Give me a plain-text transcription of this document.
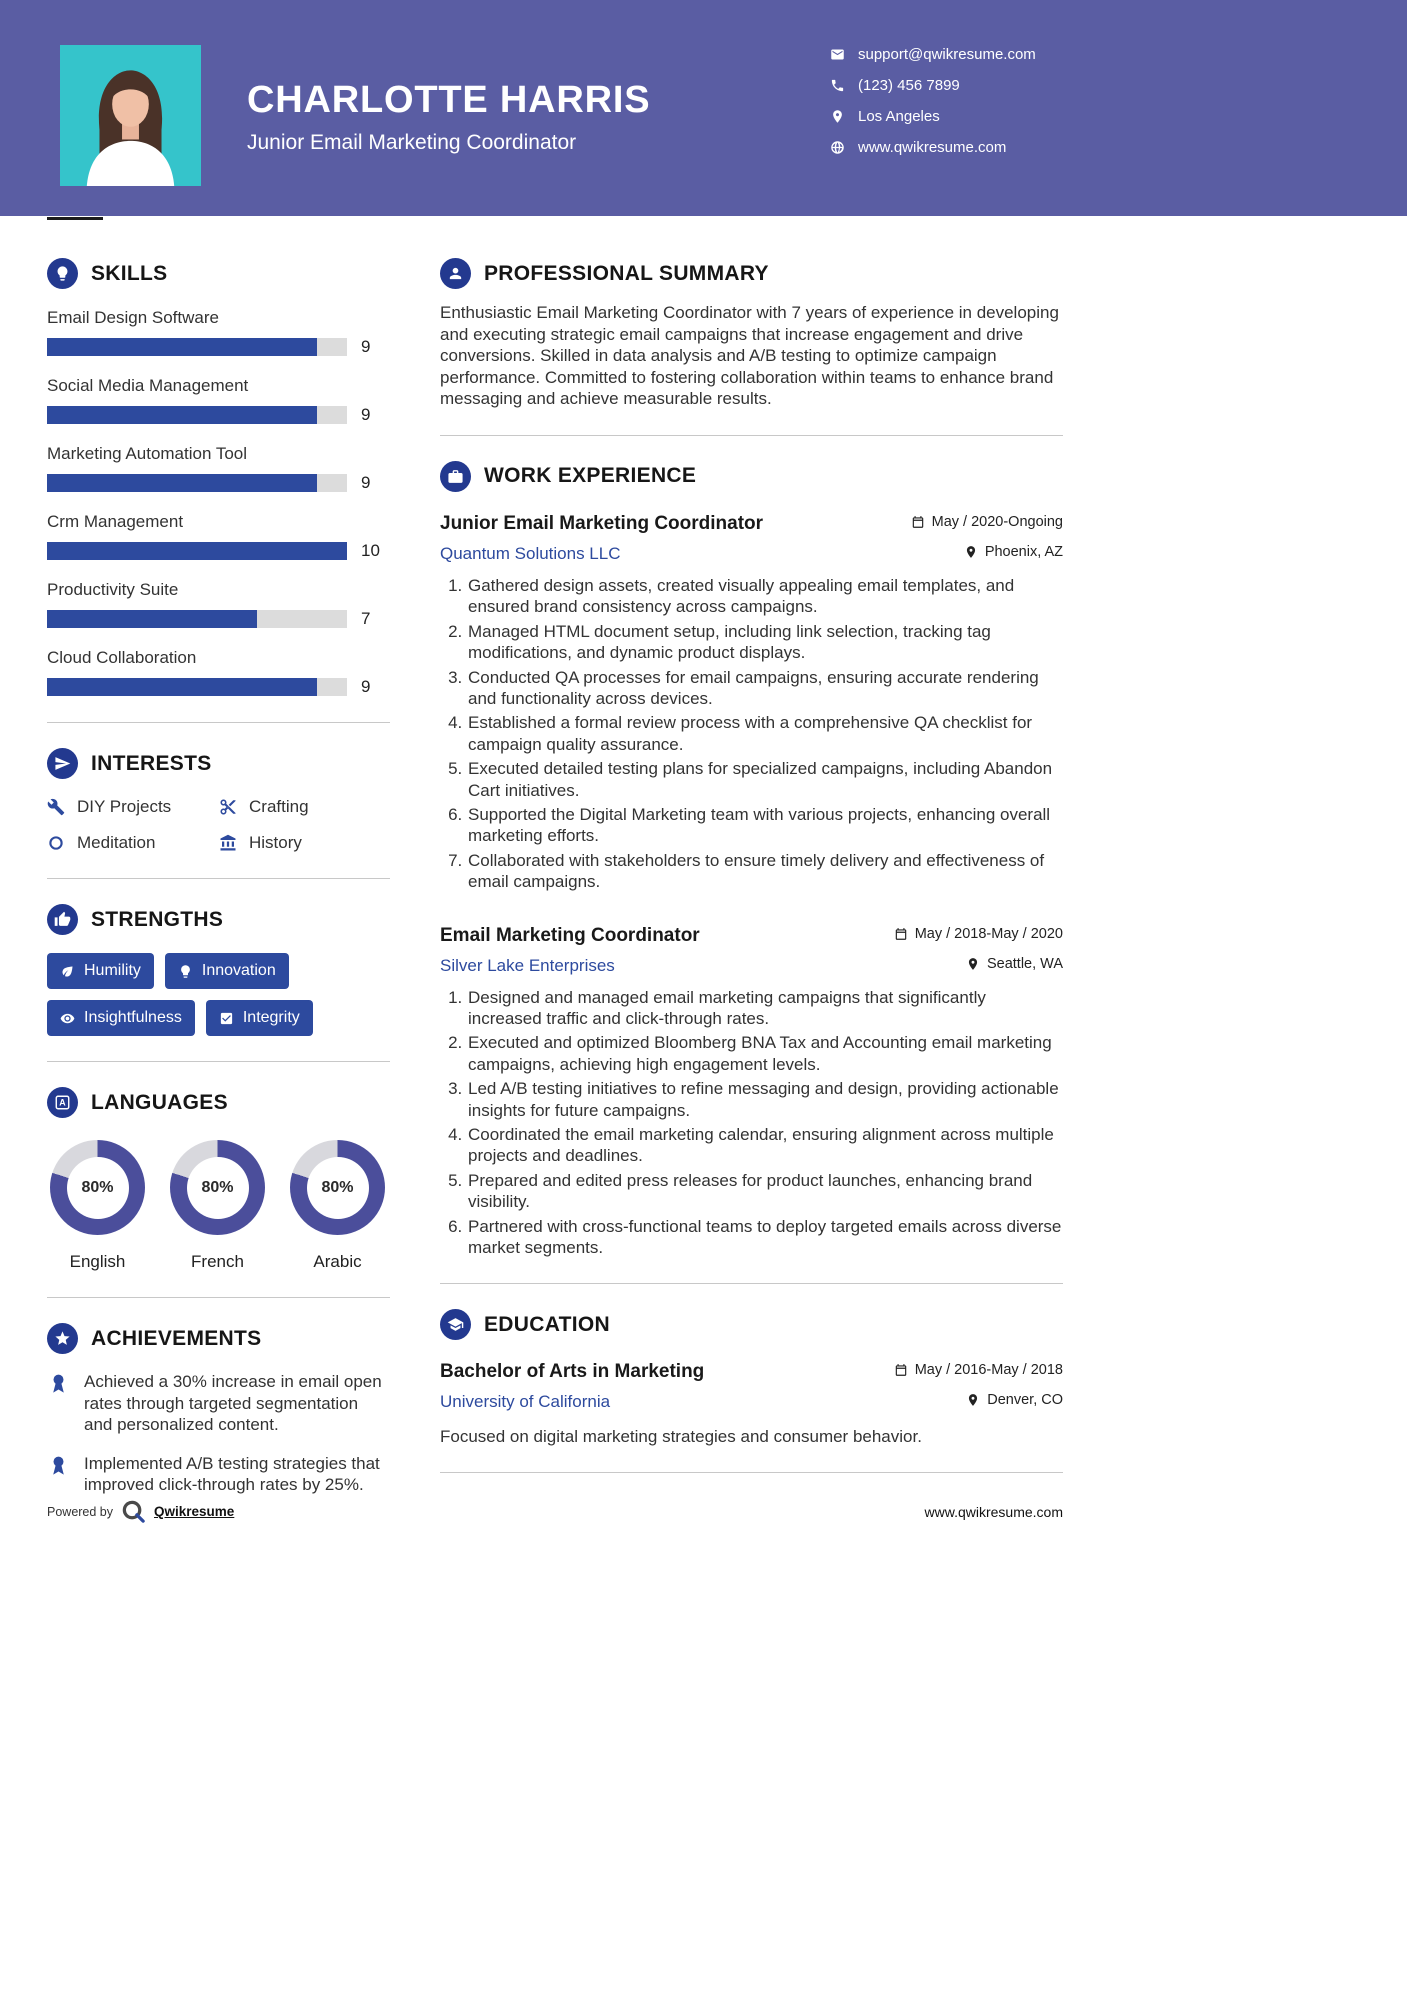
CHARLOTTE HARRIS
Junior Email Marketing Coordinator
support@qwikresume.com
(123) 456 7899
Los Angeles
www.qwikresume.com
SKILLS
Email Design Software
9
Social Media Management
9
Marketing Automation Tool
9
Crm Management
10
Productivity Suite
7
Cloud Collaboration
9
INTERESTS
DIY Projects	Crafting
Meditation	History
STRENGTHS
Humility	Innovation
Insightfulness	Integrity
A LANGUAGES
80%
English
80%
French
80%
Arabic
ACHIEVEMENTS
Achieved a 30% increase in email open rates through targeted segmentation and personalized content.
Implemented A/B testing strategies that improved click-through rates by 25%.
PROFESSIONAL SUMMARY

Enthusiastic Email Marketing Coordinator with 7 years of experience in developing and executing strategic email campaigns that increase engagement and drive conversions. Skilled in data analysis and A/B testing to optimize campaign performance. Committed to fostering collaboration within teams to enhance brand messaging and achieve measurable results.

WORK EXPERIENCE
Junior Email Marketing Coordinator	May / 2020-Ongoing
Quantum Solutions LLC	Phoenix, AZ
1. Gathered design assets, created visually appealing email templates, and ensured brand consistency across campaigns.
2. Managed HTML document setup, including link selection, tracking tag modifications, and dynamic product displays.
3. Conducted QA processes for email campaigns, ensuring accurate rendering and functionality across devices.
4. Established a formal review process with a comprehensive QA checklist for campaign quality assurance.
5. Executed detailed testing plans for specialized campaigns, including Abandon Cart initiatives.
6. Supported the Digital Marketing team with various projects, enhancing overall marketing efforts.
7. Collaborated with stakeholders to ensure timely delivery and effectiveness of email campaigns.
Email Marketing Coordinator	May / 2018-May / 2020
Silver Lake Enterprises	Seattle, WA
1. Designed and managed email marketing campaigns that significantly increased traffic and click-through rates.
2. Executed and optimized Bloomberg BNA Tax and Accounting email marketing campaigns, achieving high engagement levels.
3. Led A/B testing initiatives to refine messaging and design, providing actionable insights for future campaigns.
4. Coordinated the email marketing calendar, ensuring alignment across multiple projects and deadlines.
5. Prepared and edited press releases for product launches, enhancing brand visibility.
6. Partnered with cross-functional teams to deploy targeted emails across diverse market segments.
EDUCATION
Bachelor of Arts in Marketing	May / 2016-May / 2018
University of California	Denver, CO

Focused on digital marketing strategies and consumer behavior.

Powered by	Qwikresume	www.qwikresume.com
